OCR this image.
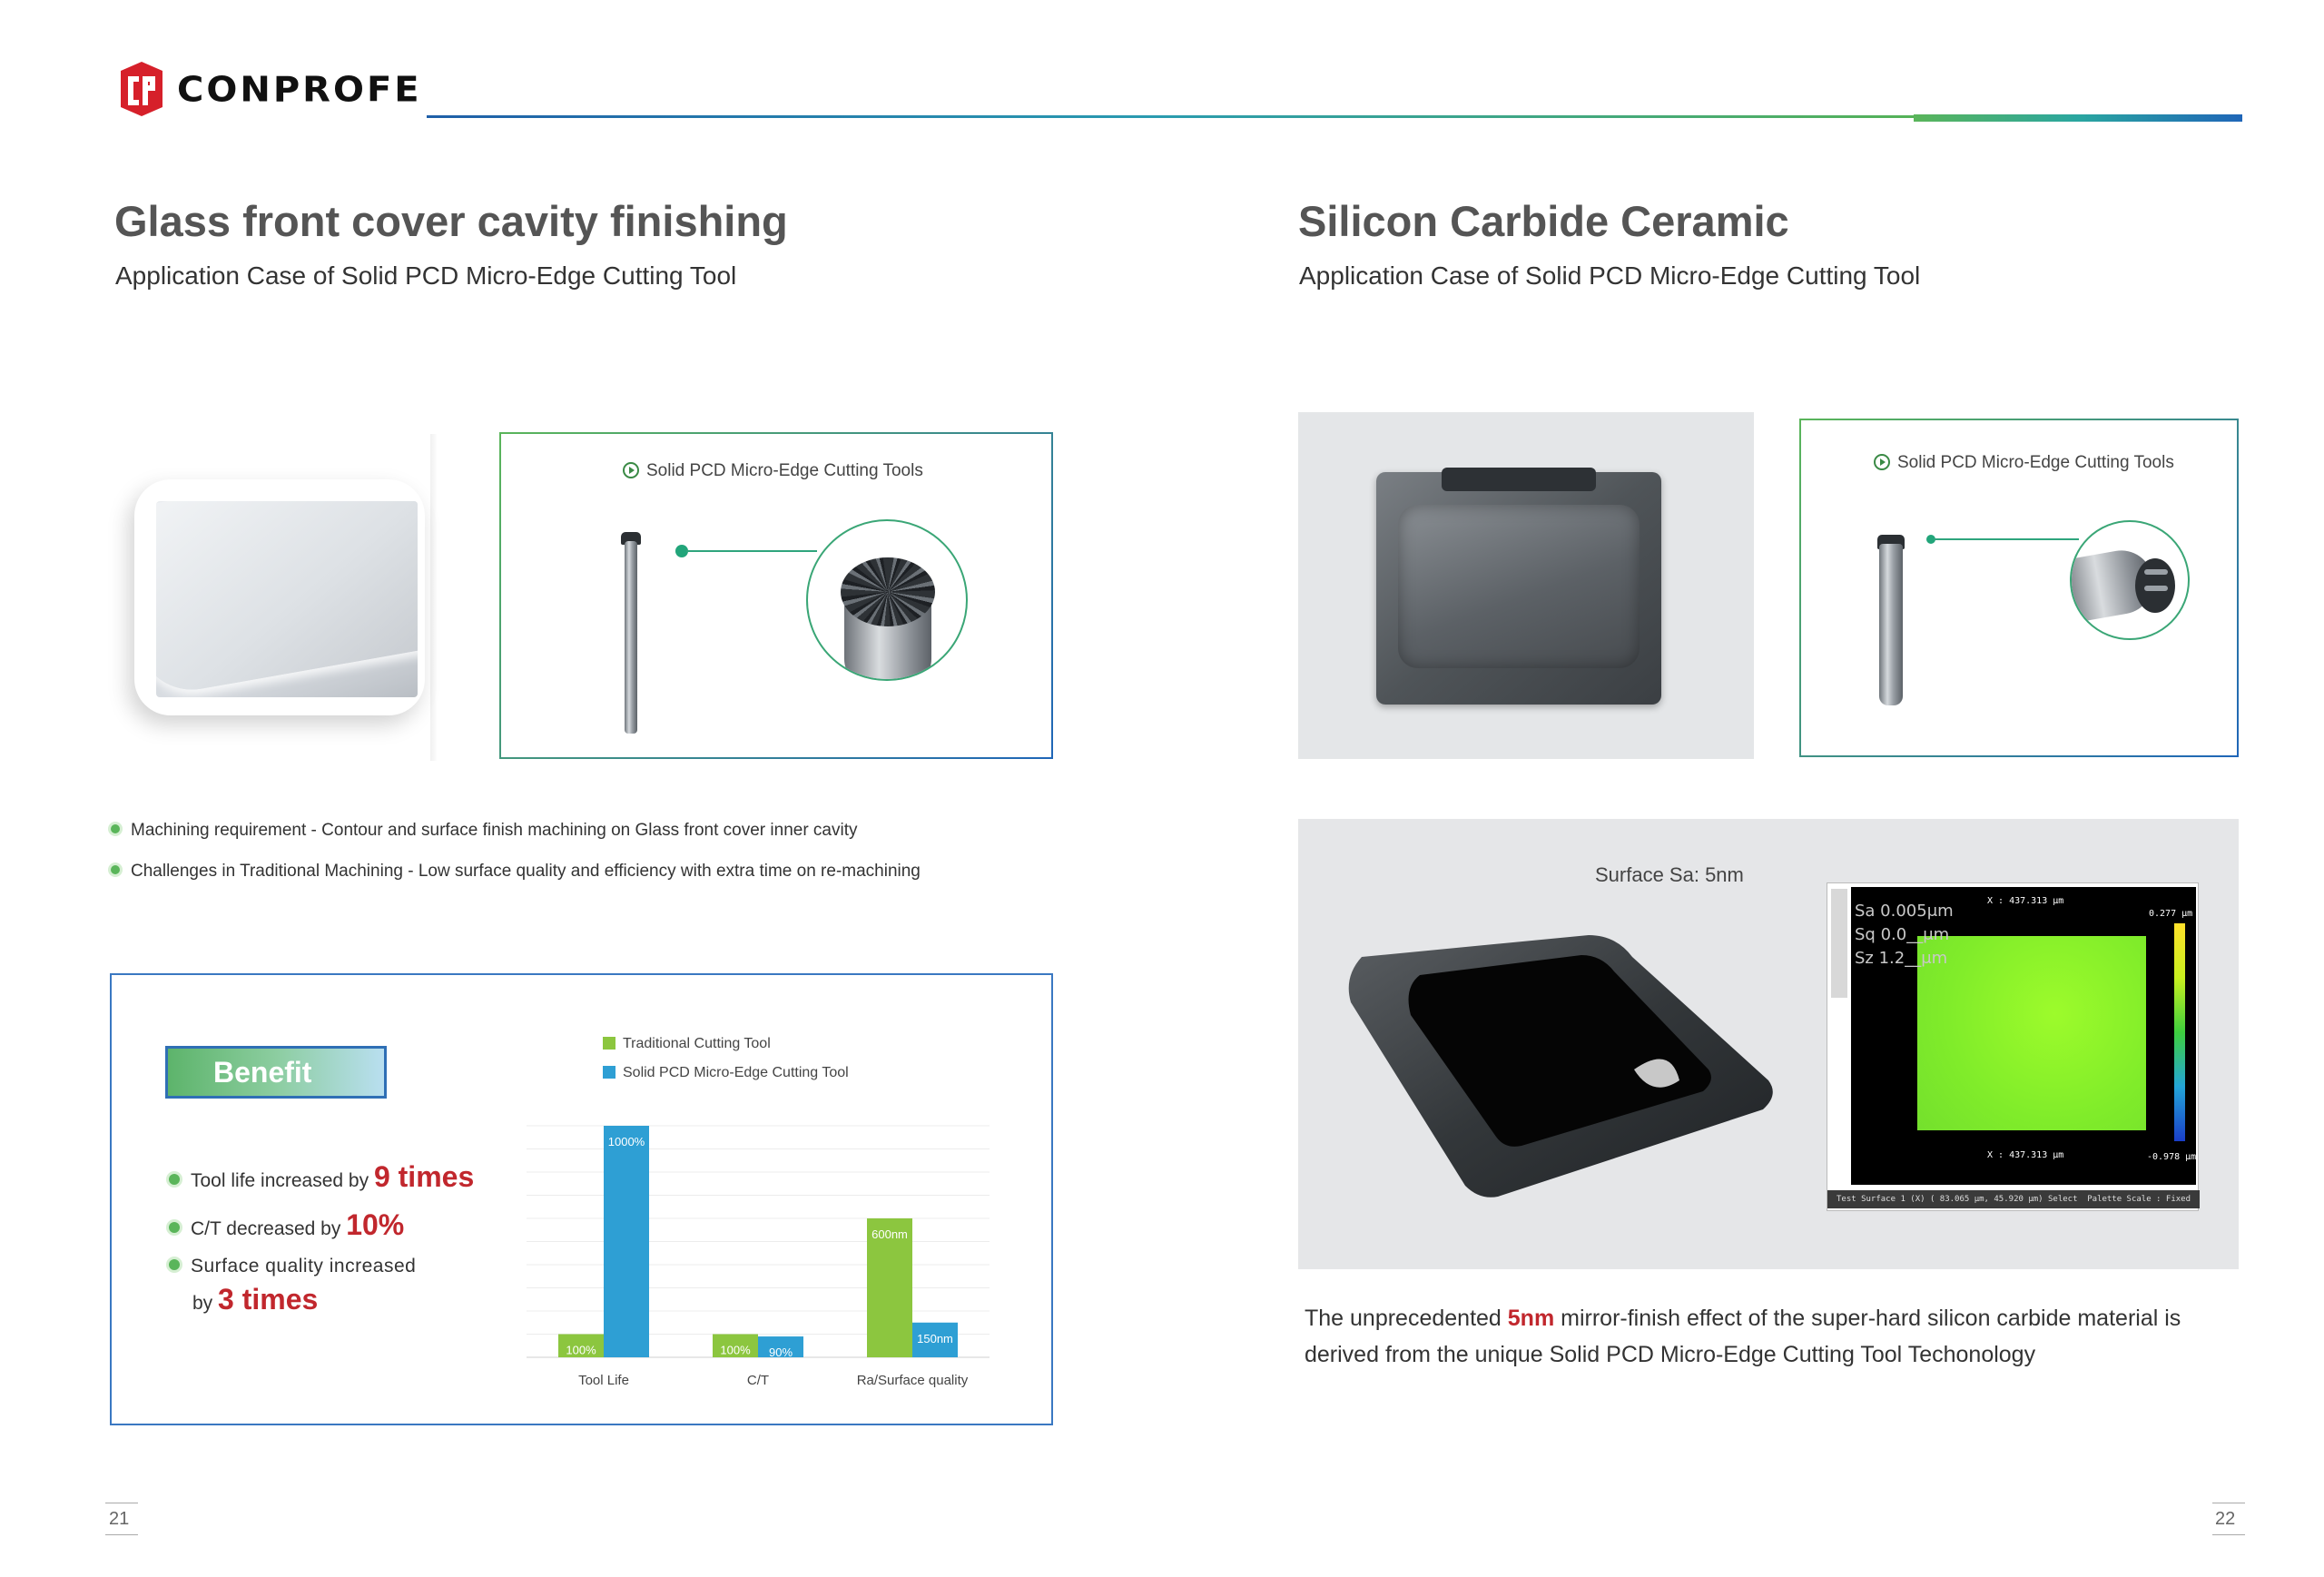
CONPROFE
Glass front cover cavity finishing
Application Case of Solid PCD Micro-Edge Cutting Tool
Silicon Carbide Ceramic
Application Case of Solid PCD Micro-Edge Cutting Tool
Solid PCD Micro-Edge Cutting Tools	Solid PCD Micro-Edge Cutting Tools
Machining requirement - Contour and surface finish machining on Glass front cover inner cavity
Challenges in Traditional Machining - Low surface quality and efficiency with extra time on re-machining
Benefit
Tool life increased by 9 times
C/T decreased by 10%
Surface quality increased
by 3 times
Traditional Cutting Tool
Solid PCD Micro-Edge Cutting Tool
100%
1000%
100% 90%
600nm
150nm
Tool Life	C/T	Ra/Surface quality
Surface Sa: 5nm
Sa 0.005μm
Sq 0.0__μm
Sz 1.2__μm
X : 437.313 μm
X : 437.313 μm
0.277 μm
-0.978 μm
Test Surface 1 (X) ( 83.065 μm, 45.920 μm) Select Palette Scale : Fixed
The unprecedented 5nm mirror-finish effect of the super-hard silicon carbide material is derived from the unique Solid PCD Micro-Edge Cutting Tool Techonology
21	22
